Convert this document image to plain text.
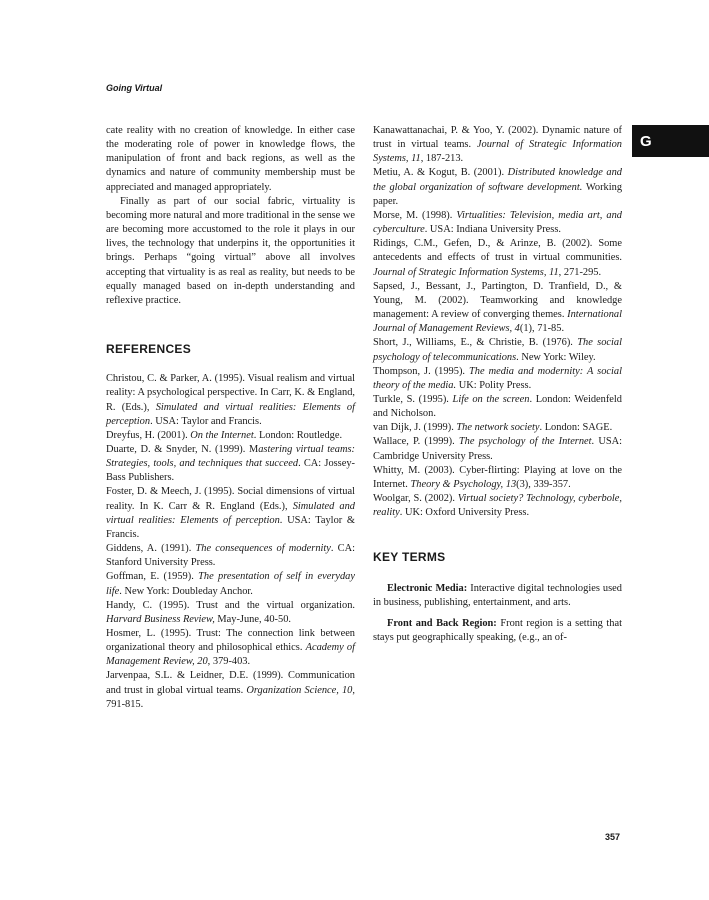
Going Virtual
G

cate reality with no creation of knowledge. In either case the moderating role of power in knowledge flows, the manipulation of front and back regions, as well as the dynamics and nature of community membership must be appreciated and managed appropriately.

Finally as part of our social fabric, virtuality is becoming more natural and more traditional in the sense we are becoming more accustomed to the role it plays in our lives, the technology that underpins it, the opportunities it brings. Perhaps “going virtual” above all involves accepting that virtuality is as real as reality, but needs to be equally managed based on in-depth understanding and reflexive practice.

REFERENCES

Christou, C. & Parker, A. (1995). Visual realism and virtual reality: A psychological perspective. In Carr, K. & England, R. (Eds.), Simulated and virtual realities: Elements of perception. USA: Taylor and Francis.

Dreyfus, H. (2001). On the Internet. London: Routledge.

Duarte, D. & Snyder, N. (1999). Mastering virtual teams: Strategies, tools, and techniques that succeed. CA: Jossey-Bass Publishers.

Foster, D. & Meech, J. (1995). Social dimensions of virtual reality. In K. Carr & R. England (Eds.), Simulated and virtual realities: Elements of perception. USA: Taylor & Francis.

Giddens, A. (1991). The consequences of modernity. CA: Stanford University Press.

Goffman, E. (1959). The presentation of self in everyday life. New York: Doubleday Anchor.

Handy, C. (1995). Trust and the virtual organization. Harvard Business Review, May-June, 40-50.

Hosmer, L. (1995). Trust: The connection link between organizational theory and philosophical ethics. Academy of Management Review, 20, 379-403.

Jarvenpaa, S.L. & Leidner, D.E. (1999). Communication and trust in global virtual teams. Organization Science, 10, 791-815.

Kanawattanachai, P. & Yoo, Y. (2002). Dynamic nature of trust in virtual teams. Journal of Strategic Information Systems, 11, 187-213.

Metiu, A. & Kogut, B. (2001). Distributed knowledge and the global organization of software development. Working paper.

Morse, M. (1998). Virtualities: Television, media art, and cyberculture. USA: Indiana University Press.

Ridings, C.M., Gefen, D., & Arinze, B. (2002). Some antecedents and effects of trust in virtual communities. Journal of Strategic Information Systems, 11, 271-295.

Sapsed, J., Bessant, J., Partington, D. Tranfield, D., & Young, M. (2002). Teamworking and knowledge management: A review of converging themes. International Journal of Management Reviews, 4(1), 71-85.

Short, J., Williams, E., & Christie, B. (1976). The social psychology of telecommunications. New York: Wiley.

Thompson, J. (1995). The media and modernity: A social theory of the media. UK: Polity Press.

Turkle, S. (1995). Life on the screen. London: Weidenfeld and Nicholson.

van Dijk, J. (1999). The network society. London: SAGE.

Wallace, P. (1999). The psychology of the Internet. USA: Cambridge University Press.

Whitty, M. (2003). Cyber-flirting: Playing at love on the Internet. Theory & Psychology, 13(3), 339-357.

Woolgar, S. (2002). Virtual society? Technology, cyberbole, reality. UK: Oxford University Press.

KEY TERMS

Electronic Media: Interactive digital technologies used in business, publishing, entertainment, and arts.

Front and Back Region: Front region is a setting that stays put geographically speaking, (e.g., an of-

357
